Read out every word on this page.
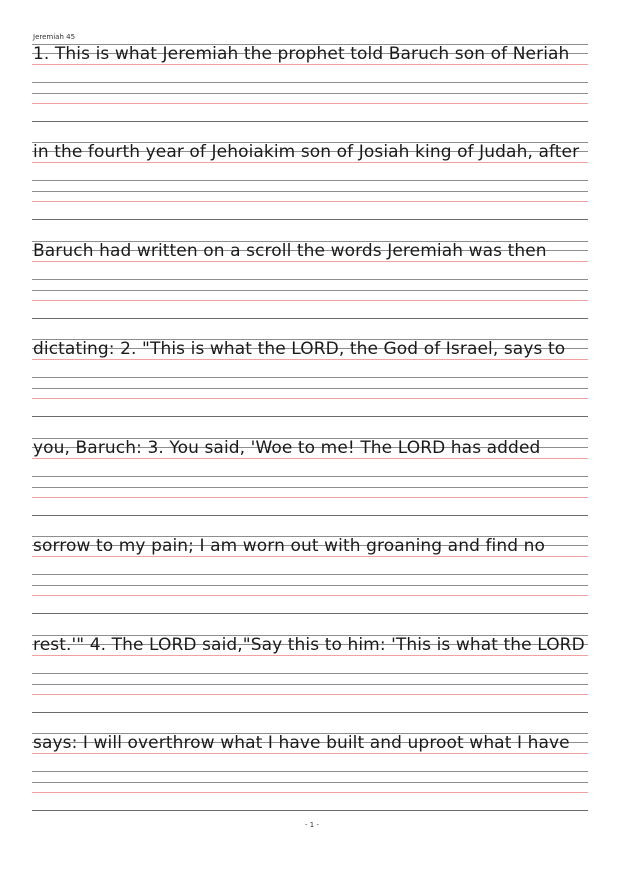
Jeremiah 45
1. This is what Jeremiah the prophet told Baruch son of Neriah
in the fourth year of Jehoiakim son of Josiah king of Judah, after
Baruch had written on a scroll the words Jeremiah was then
dictating: 2. "This is what the LORD, the God of Israel, says to
you, Baruch: 3. You said, 'Woe to me! The LORD has added
sorrow to my pain; I am worn out with groaning and find no
rest.'" 4. The LORD said,"Say this to him: 'This is what the LORD
says: I will overthrow what I have built and uproot what I have
- 1 -
